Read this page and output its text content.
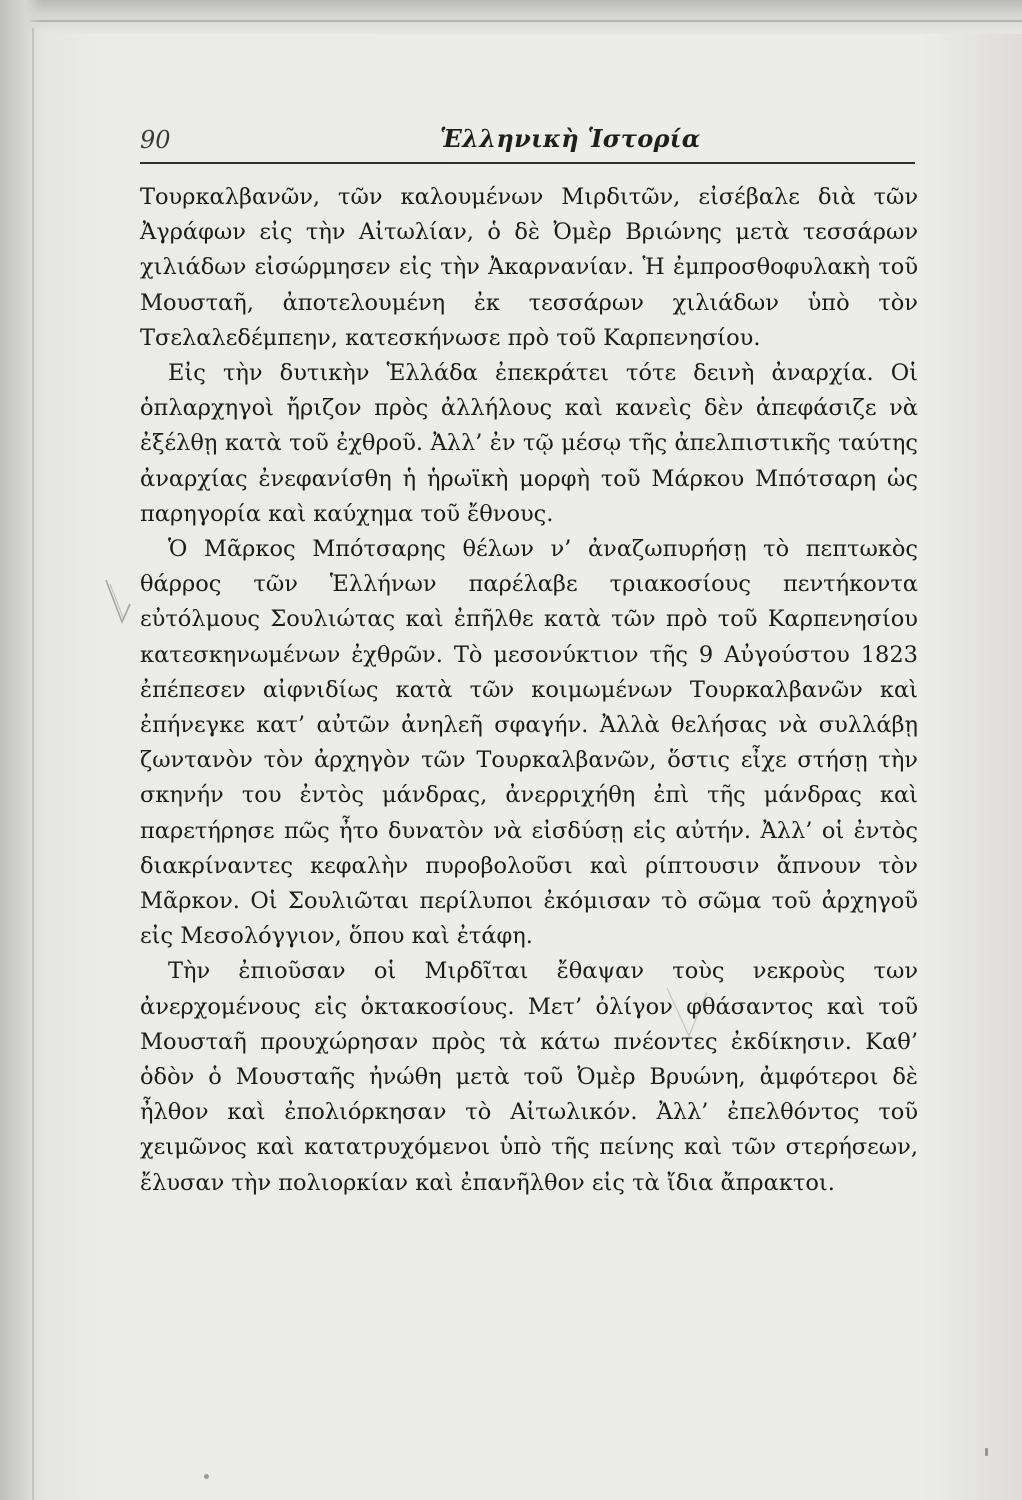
90	Ἑλληνικὴ Ἱστορία

Τουρκαλβανῶν, τῶν καλουμένων Μιρδιτῶν, εἰσέβαλε διὰ τῶν Ἀγράφων εἰς τὴν Αἰτωλίαν, ὁ δὲ Ὀμὲρ Βριώνης μετὰ τεσσάρων χιλιάδων εἰσώρμησεν εἰς τὴν Ἀκαρνανίαν. Ἡ ἐμπροσθοφυλακὴ τοῦ Μουσταῆ, ἀποτελουμένη ἐκ τεσσάρων χιλιάδων ὑπὸ τὸν Τσελαλεδέμπεην, κατεσκήνωσε πρὸ τοῦ Καρπενησίου.

Εἰς τὴν δυτικὴν Ἑλλάδα ἐπεκράτει τότε δεινὴ ἀναρχία. Οἱ ὁπλαρχηγοὶ ἤριζον πρὸς ἀλλήλους καὶ κανεὶς δὲν ἀπεφάσιζε νὰ ἐξέλθῃ κατὰ τοῦ ἐχθροῦ. Ἀλλ’ ἐν τῷ μέσῳ τῆς ἀπελπιστικῆς ταύτης ἀναρχίας ἐνεφανίσθη ἡ ἡρωϊκὴ μορφὴ τοῦ Μάρκου Μπότσαρη ὡς παρηγορία καὶ καύχημα τοῦ ἔθνους.

Ὁ Μᾶρκος Μπότσαρης θέλων ν’ ἀναζωπυρήσῃ τὸ πεπτωκὸς θάρρος τῶν Ἑλλήνων παρέλαβε τριακοσίους πεντήκοντα εὐτόλμους Σουλιώτας καὶ ἐπῆλθε κατὰ τῶν πρὸ τοῦ Καρπενησίου κατεσκηνωμένων ἐχθρῶν. Τὸ μεσονύκτιον τῆς 9 Αὐγούστου 1823 ἐπέπεσεν αἰφνιδίως κατὰ τῶν κοιμωμένων Τουρκαλβανῶν καὶ ἐπήνεγκε κατ’ αὐτῶν ἀνηλεῆ σφαγήν. Ἀλλὰ θελήσας νὰ συλλάβῃ ζωντανὸν τὸν ἀρχηγὸν τῶν Τουρκαλβανῶν, ὅστις εἶχε στήσῃ τὴν σκηνήν του ἐντὸς μάνδρας, ἀνερριχήθη ἐπὶ τῆς μάνδρας καὶ παρετήρησε πῶς ἦτο δυνατὸν νὰ εἰσδύσῃ εἰς αὐτήν. Ἀλλ’ οἱ ἐντὸς διακρίναντες κεφαλὴν πυροβολοῦσι καὶ ρίπτουσιν ἄπνουν τὸν Μᾶρκον. Οἱ Σουλιῶται περίλυποι ἐκόμισαν τὸ σῶμα τοῦ ἀρχηγοῦ εἰς Μεσολόγγιον, ὅπου καὶ ἐτάφη.

Τὴν ἐπιοῦσαν οἱ Μιρδῖται ἔθαψαν τοὺς νεκροὺς των ἀνερχομένους εἰς ὀκτακοσίους. Μετ’ ὀλίγον φθάσαντος καὶ τοῦ Μουσταῆ προυχώρησαν πρὸς τὰ κάτω πνέοντες ἐκδίκησιν. Καθ’ ὁδὸν ὁ Μουσταῆς ἠνώθη μετὰ τοῦ Ὀμὲρ Βρυώνη, ἀμφότεροι δὲ ἦλθον καὶ ἐπολιόρκησαν τὸ Αἰτωλικόν. Ἀλλ’ ἐπελθόντος τοῦ χειμῶνος καὶ κατατρυχόμενοι ὑπὸ τῆς πείνης καὶ τῶν στερήσεων, ἔλυσαν τὴν πολιορκίαν καὶ ἐπανῆλθον εἰς τὰ ἴδια ἄπρακτοι.
